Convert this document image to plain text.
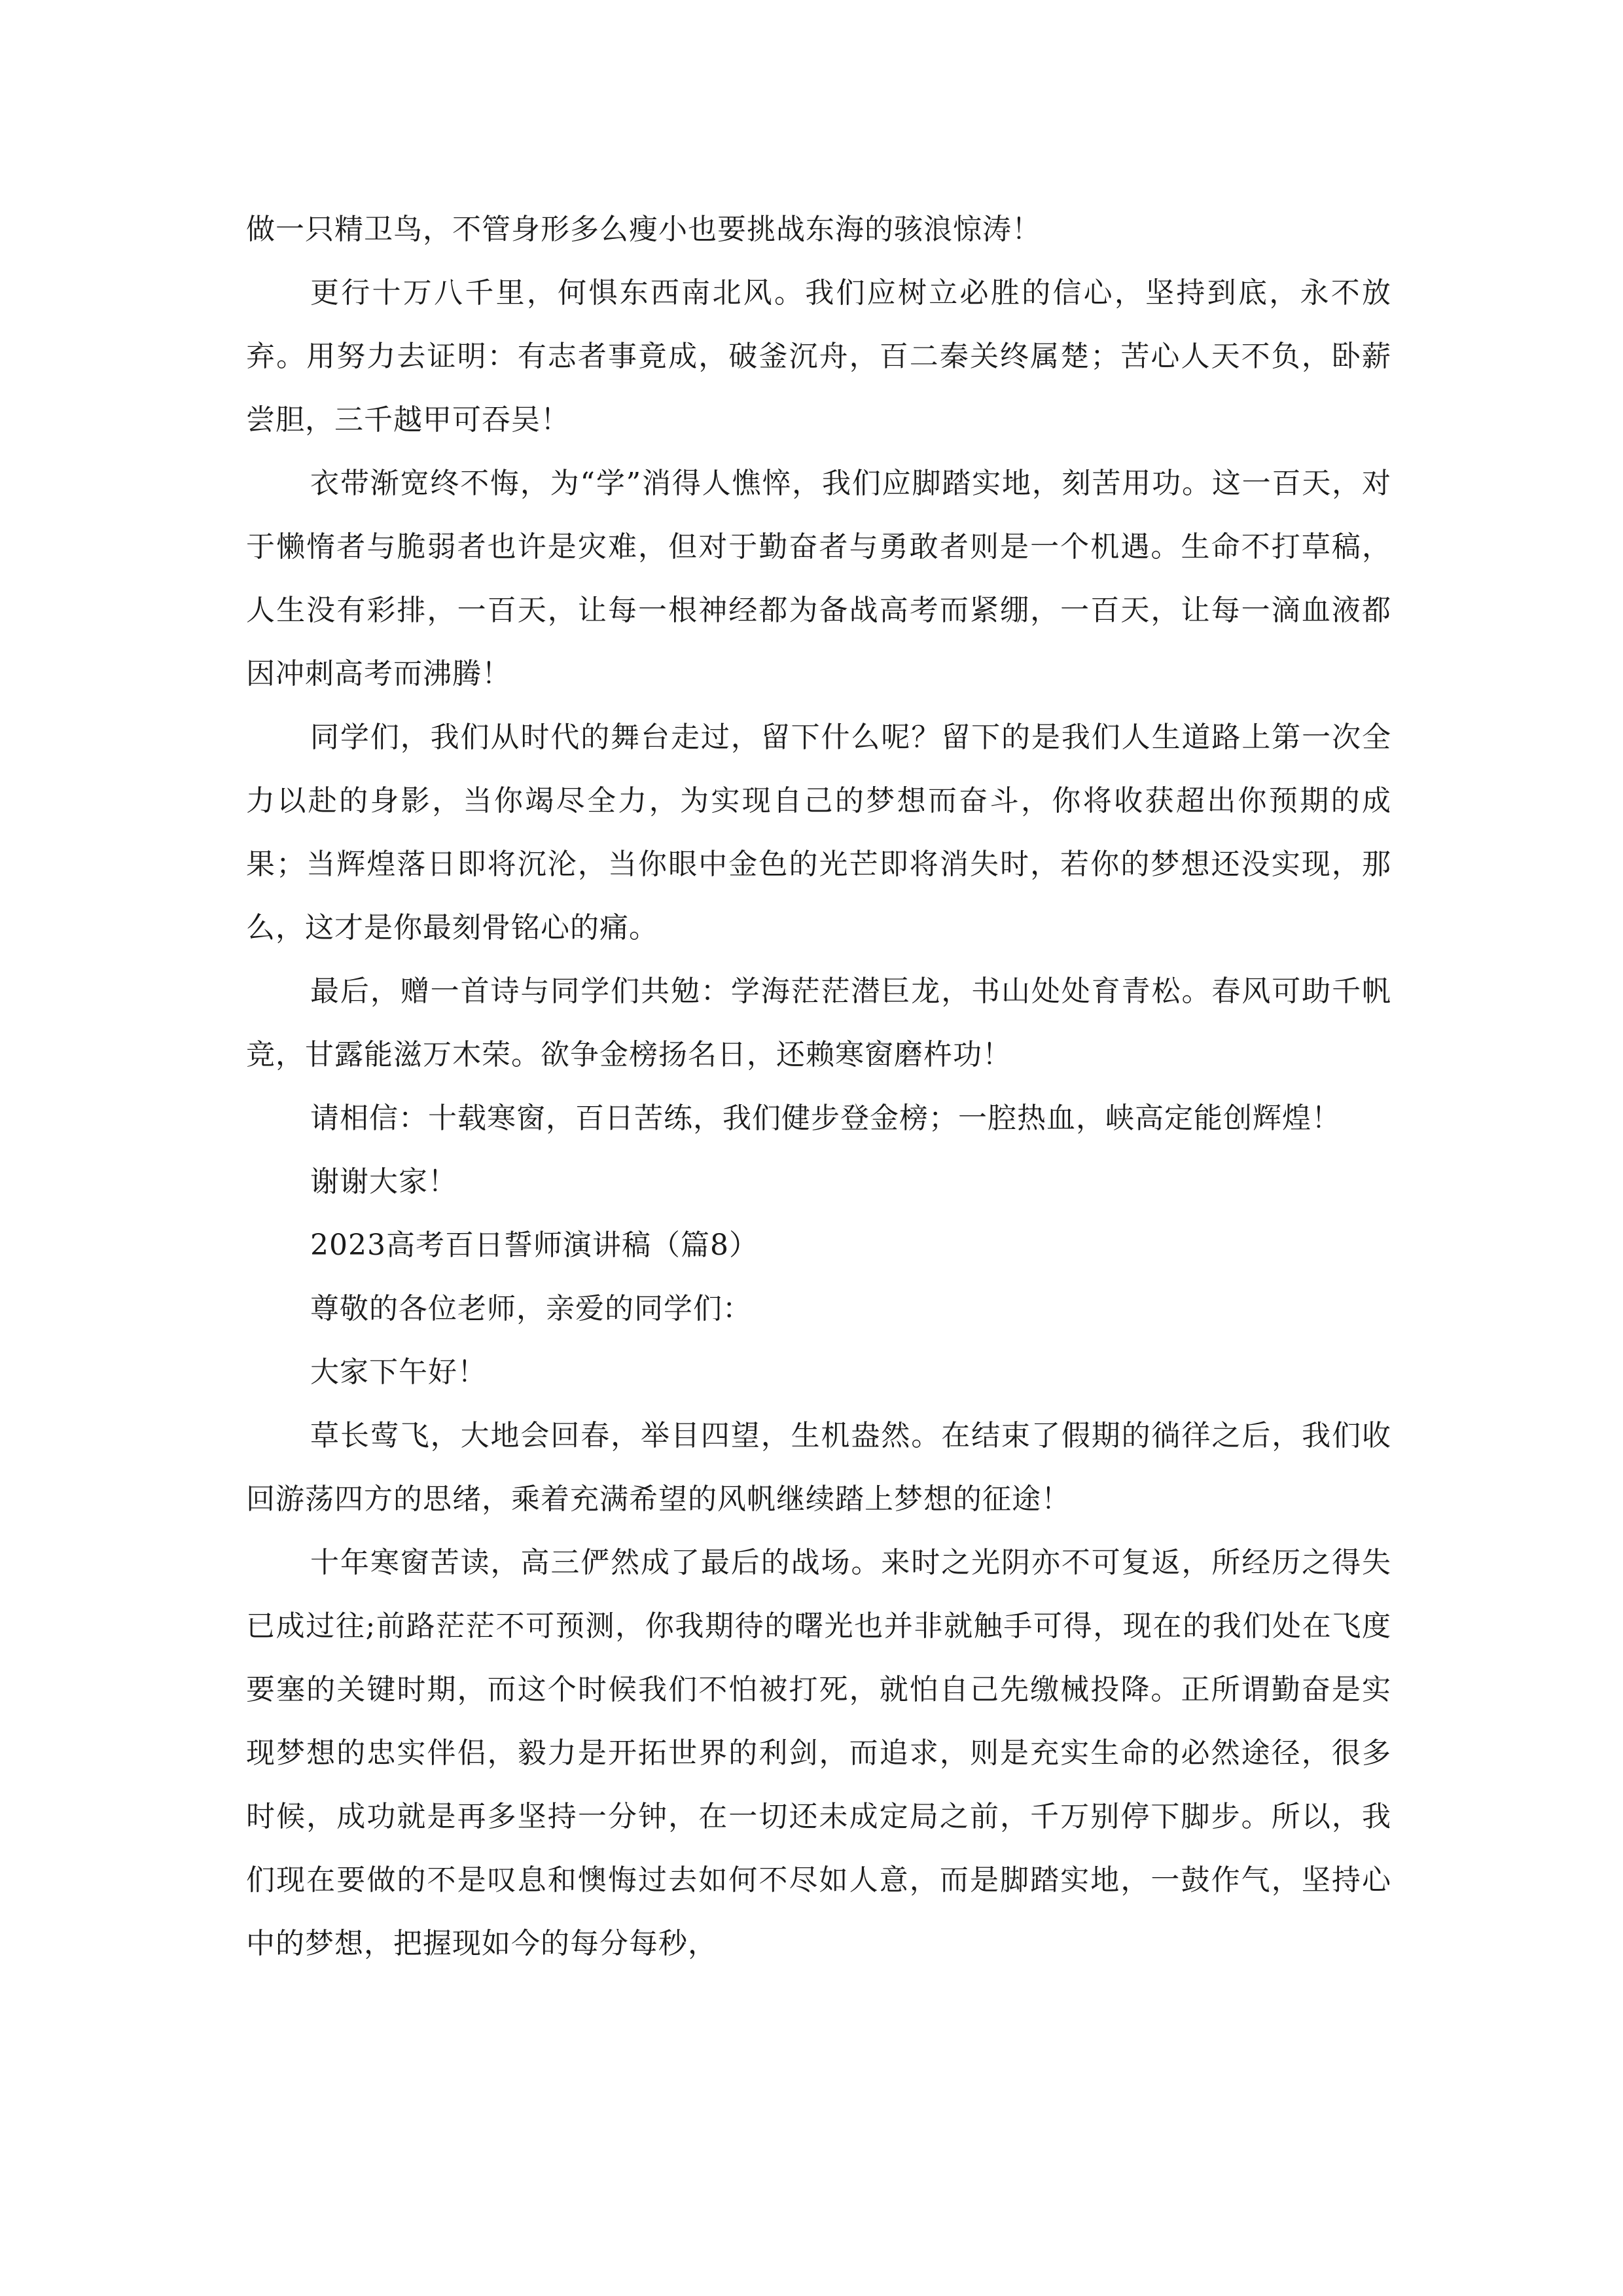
做一只精卫鸟，不管身形多么瘦小也要挑战东海的骇浪惊涛！

更行十万八千里，何惧东西南北风。我们应树立必胜的信心，坚持到底，永不放弃。用努力去证明：有志者事竟成，破釜沉舟，百二秦关终属楚；苦心人天不负，卧薪尝胆，三千越甲可吞吴！

衣带渐宽终不悔，为“学”消得人憔悴，我们应脚踏实地，刻苦用功。这一百天，对于懒惰者与脆弱者也许是灾难，但对于勤奋者与勇敢者则是一个机遇。生命不打草稿，人生没有彩排，一百天，让每一根神经都为备战高考而紧绷，一百天，让每一滴血液都因冲刺高考而沸腾！

同学们，我们从时代的舞台走过，留下什么呢？留下的是我们人生道路上第一次全力以赴的身影，当你竭尽全力，为实现自己的梦想而奋斗，你将收获超出你预期的成果；当辉煌落日即将沉沦，当你眼中金色的光芒即将消失时，若你的梦想还没实现，那么，这才是你最刻骨铭心的痛。

最后，赠一首诗与同学们共勉：学海茫茫潜巨龙，书山处处育青松。春风可助千帆竞，甘露能滋万木荣。欲争金榜扬名日，还赖寒窗磨杵功！

请相信：十载寒窗，百日苦练，我们健步登金榜；一腔热血，峡高定能创辉煌！

谢谢大家！

2023高考百日誓师演讲稿（篇8）

尊敬的各位老师，亲爱的同学们：

大家下午好！

草长莺飞，大地会回春，举目四望，生机盎然。在结束了假期的徜徉之后，我们收回游荡四方的思绪，乘着充满希望的风帆继续踏上梦想的征途！

十年寒窗苦读，高三俨然成了最后的战场。来时之光阴亦不可复返，所经历之得失已成过往;前路茫茫不可预测，你我期待的曙光也并非就触手可得，现在的我们处在飞度要塞的关键时期，而这个时候我们不怕被打死，就怕自己先缴械投降。正所谓勤奋是实现梦想的忠实伴侣，毅力是开拓世界的利剑，而追求，则是充实生命的必然途径，很多时候，成功就是再多坚持一分钟，在一切还未成定局之前，千万别停下脚步。所以，我们现在要做的不是叹息和懊悔过去如何不尽如人意，而是脚踏实地，一鼓作气，坚持心中的梦想，把握现如今的每分每秒，
